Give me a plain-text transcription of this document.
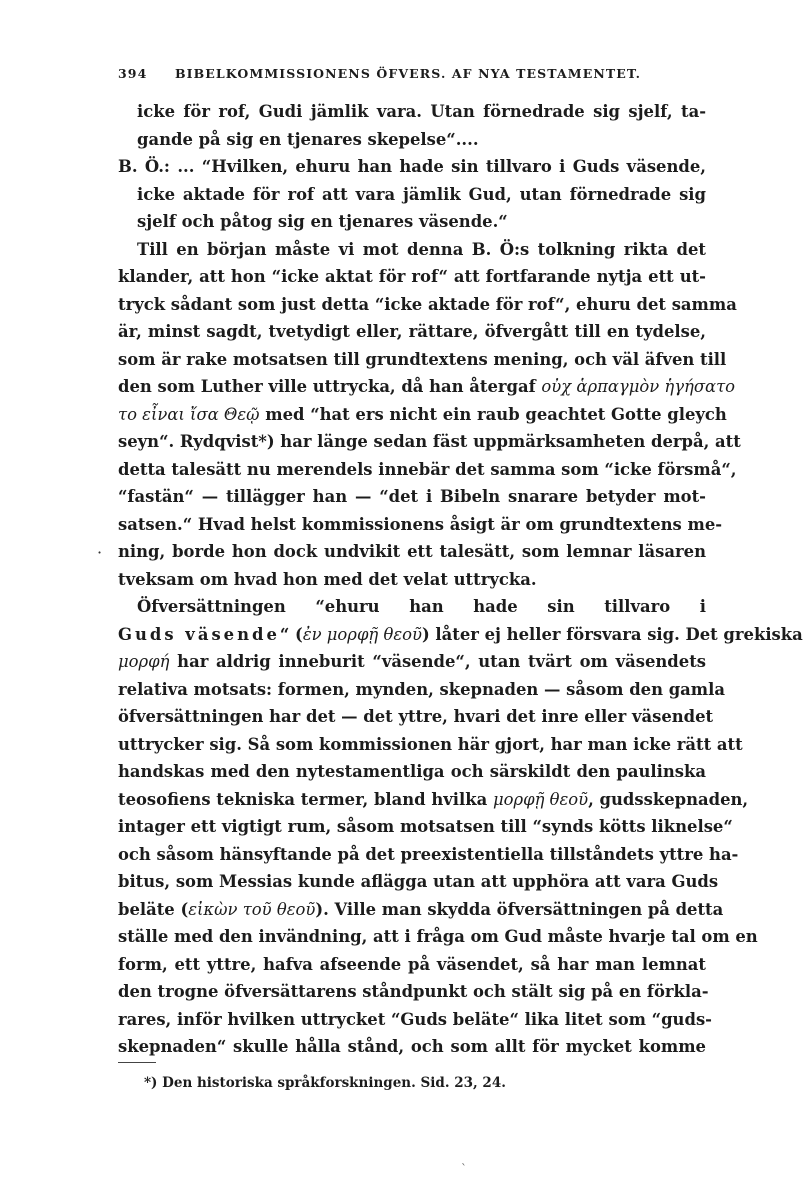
394 BIBELKOMMISSIONENS ÖFVERS. AF NYA TESTAMENTET.
icke för rof, Gudi jämlik vara. Utan förnedrade sig sjelf, ta-
gande på sig en tjenares skepelse“....
B. Ö.: ... “Hvilken, ehuru han hade sin tillvaro i Guds väsende,
icke aktade för rof att vara jämlik Gud, utan förnedrade sig
sjelf och påtog sig en tjenares väsende.“
Till en början måste vi mot denna B. Ö:s tolkning rikta det
klander, att hon “icke aktat för rof“ att fortfarande nytja ett ut-
tryck sådant som just detta “icke aktade för rof“, ehuru det samma
är, minst sagdt, tvetydigt eller, rättare, öfvergått till en tydelse,
som är rake motsatsen till grundtextens mening, och väl äfven till
den som Luther ville uttrycka, då han återgaf οὐχ ἁρπαγμὸν ἡγήσατο
το εἶναι ἴσα Θεῷ med “hat ers nicht ein raub geachtet Gotte gleych
seyn“. Rydqvist*) har länge sedan fäst uppmärksamheten derpå, att
detta talesätt nu merendels innebär det samma som “icke försmå“,
“fastän“ — tillägger han — “det i Bibeln snarare betyder mot-
satsen.“ Hvad helst kommissionens åsigt är om grundtextens me-
ning, borde hon dock undvikit ett talesätt, som lemnar läsaren
tveksam om hvad hon med det velat uttrycka.
Öfversättningen “ehuru han hade sin tillvaro i
Guds väsende“ (ἐν μορφῇ θεοῦ) låter ej heller försvara sig. Det grekiska
μορφή har aldrig inneburit “väsende“, utan tvärt om väsendets
relativa motsats: formen, mynden, skepnaden — såsom den gamla
öfversättningen har det — det yttre, hvari det inre eller väsendet
uttrycker sig. Så som kommissionen här gjort, har man icke rätt att
handskas med den nytestamentliga och särskildt den paulinska
teosofiens tekniska termer, bland hvilka μορφῇ θεοῦ, gudsskepnaden,
intager ett vigtigt rum, såsom motsatsen till “synds kötts liknelse“
och såsom hänsyftande på det preexistentiella tillståndets yttre ha-
bitus, som Messias kunde aflägga utan att upphöra att vara Guds
beläte (εἰκὼν τοῦ θεοῦ). Ville man skydda öfversättningen på detta
ställe med den invändning, att i fråga om Gud måste hvarje tal om en
form, ett yttre, hafva afseende på väsendet, så har man lemnat
den trogne öfversättarens ståndpunkt och stält sig på en förkla-
rares, inför hvilken uttrycket “Guds beläte“ lika litet som “guds-
skepnaden“ skulle hålla stånd, och som allt för mycket komme
*) Den historiska språkforskningen. Sid. 23, 24.
·
ˋ
